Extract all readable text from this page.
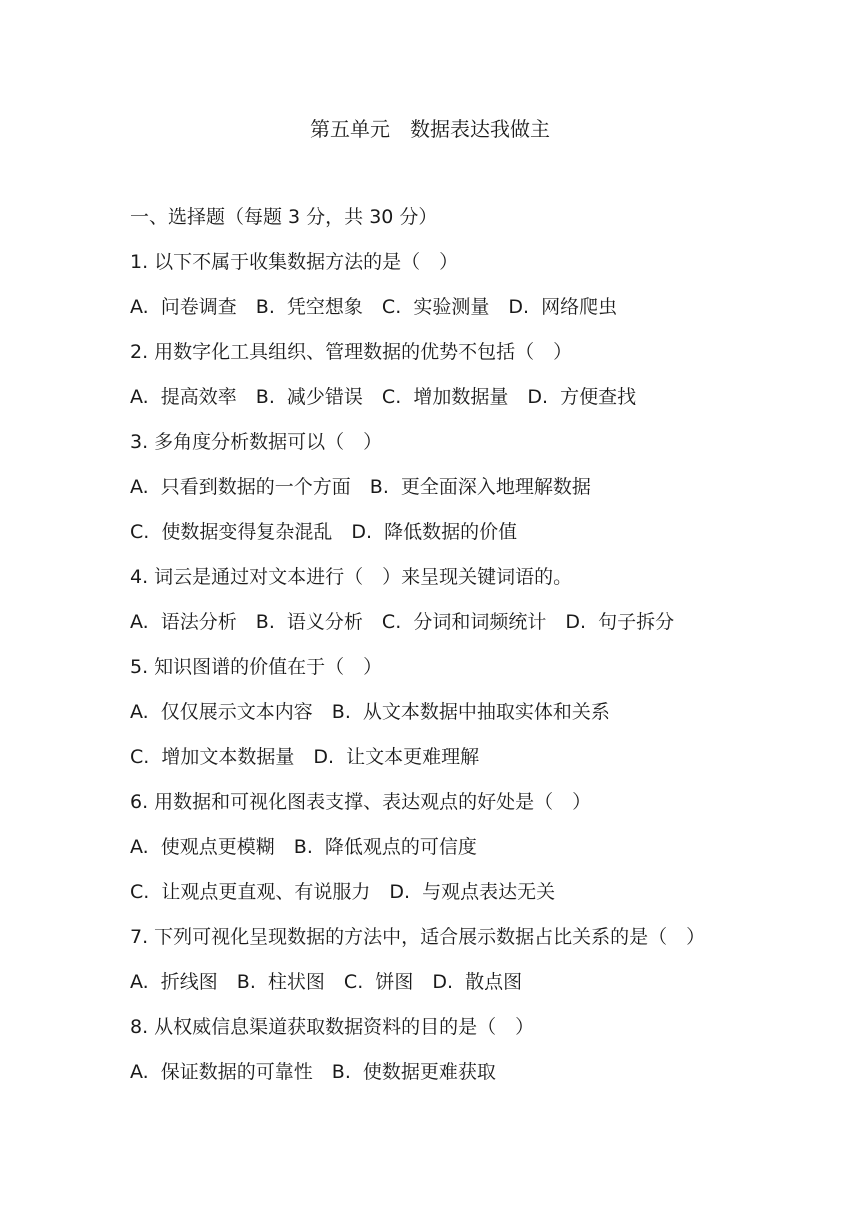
第五单元　数据表达我做主
一、选择题（每题 3 分，共 30 分）
1. 以下不属于收集数据方法的是（　）
A.  问卷调查　B.  凭空想象　C.  实验测量　D.  网络爬虫
2. 用数字化工具组织、管理数据的优势不包括（　）
A.  提高效率　B.  减少错误　C.  增加数据量　D.  方便查找
3. 多角度分析数据可以（　）
A.  只看到数据的一个方面　B.  更全面深入地理解数据
C.  使数据变得复杂混乱　D.  降低数据的价值
4. 词云是通过对文本进行（　）来呈现关键词语的。
A.  语法分析　B.  语义分析　C.  分词和词频统计　D.  句子拆分
5. 知识图谱的价值在于（　）
A.  仅仅展示文本内容　B.  从文本数据中抽取实体和关系
C.  增加文本数据量　D.  让文本更难理解
6. 用数据和可视化图表支撑、表达观点的好处是（　）
A.  使观点更模糊　B.  降低观点的可信度
C.  让观点更直观、有说服力　D.  与观点表达无关
7. 下列可视化呈现数据的方法中，适合展示数据占比关系的是（　）
A.  折线图　B.  柱状图　C.  饼图　D.  散点图
8. 从权威信息渠道获取数据资料的目的是（　）
A.  保证数据的可靠性　B.  使数据更难获取
